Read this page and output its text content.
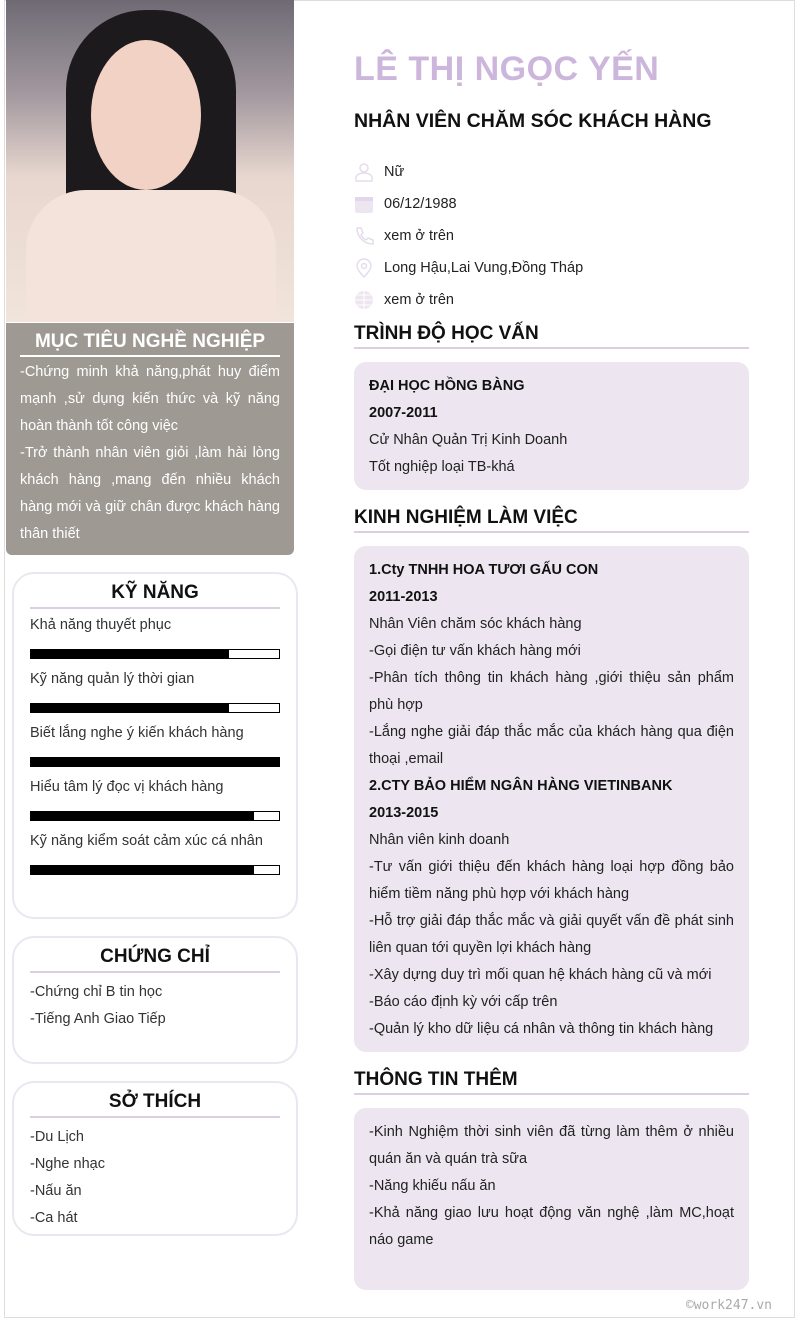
MỤC TIÊU NGHỀ NGHIỆP

-Chứng minh khả năng,phát huy điểm mạnh ,sử dụng kiến thức và kỹ năng hoàn thành tốt công việc

-Trở thành nhân viên giỏi ,làm hài lòng khách hàng ,mang đến nhiều khách hàng mới và giữ chân được khách hàng thân thiết

KỸ NĂNG
Khả năng thuyết phục
Kỹ năng quản lý thời gian
Biết lắng nghe ý kiến khách hàng
Hiểu tâm lý đọc vị khách hàng
Kỹ năng kiểm soát cảm xúc cá nhân
CHỨNG CHỈ

-Chứng chỉ B tin học

-Tiếng Anh Giao Tiếp

SỞ THÍCH

-Du Lịch

-Nghe nhạc

-Nấu ăn

-Ca hát

LÊ THỊ NGỌC YẾN
NHÂN VIÊN CHĂM SÓC KHÁCH HÀNG
Nữ
06/12/1988
xem ở trên
Long Hậu,Lai Vung,Đồng Tháp
xem ở trên
TRÌNH ĐỘ HỌC VẤN

ĐẠI HỌC HỒNG BÀNG

2007-2011

Cử Nhân Quản Trị Kinh Doanh

Tốt nghiệp loại TB-khá

KINH NGHIỆM LÀM VIỆC

1.Cty TNHH HOA TƯƠI GẤU CON

2011-2013

Nhân Viên chăm sóc khách hàng

-Gọi điện tư vấn khách hàng mới

-Phân tích thông tin khách hàng ,giới thiệu sản phẩm phù hợp

-Lắng nghe giải đáp thắc mắc của khách hàng qua điện thoại ,email

2.CTY BẢO HIỂM NGÂN HÀNG VIETINBANK

2013-2015

Nhân viên kinh doanh

-Tư vấn giới thiệu đến khách hàng loại hợp đồng bảo hiểm tiềm năng phù hợp với khách hàng

-Hỗ trợ giải đáp thắc mắc và giải quyết vấn đề phát sinh liên quan tới quyền lợi khách hàng

-Xây dựng duy trì mối quan hệ khách hàng cũ và mới

-Báo cáo định kỳ với cấp trên

-Quản lý kho dữ liệu cá nhân và thông tin khách hàng

THÔNG TIN THÊM

-Kinh Nghiệm thời sinh viên đã từng làm thêm ở nhiều quán ăn và quán trà sữa

-Năng khiếu nấu ăn

-Khả năng giao lưu hoạt động văn nghệ ,làm MC,hoạt náo game

©work247.vn
